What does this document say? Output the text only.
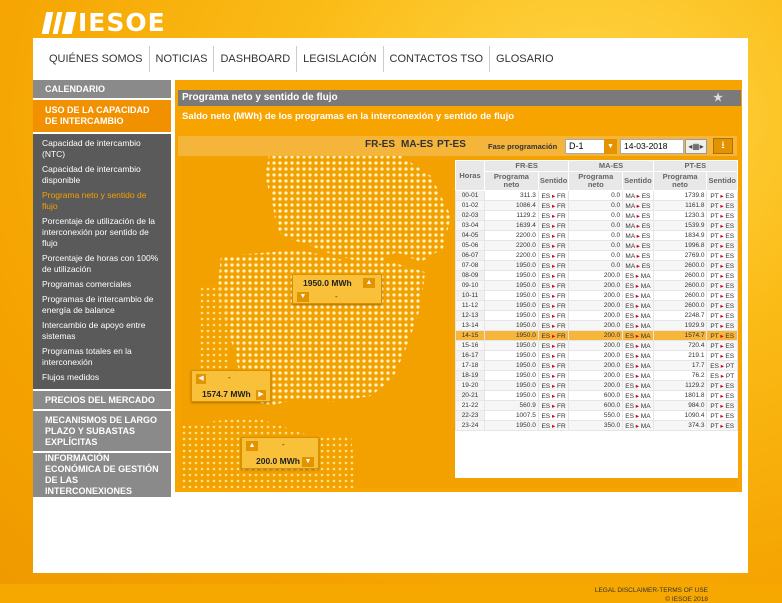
IESOE
QUIÉNES SOMOS	NOTICIAS	DASHBOARD	LEGISLACIÓN	CONTACTOS TSO	GLOSARIO
CALENDARIO
USO DE LA CAPACIDAD DE INTERCAMBIO
Capacidad de intercambio (NTC)
Capacidad de intercambio disponible
Programa neto y sentido de flujo
Porcentaje de utilización de la interconexión por sentido de flujo
Porcentaje de horas con 100% de utilización
Programas comerciales
Programas de intercambio de energía de balance
Intercambio de apoyo entre sistemas
Programas totales en la interconexión
Flujos medidos
PRECIOS DEL MERCADO
MECANISMOS DE LARGO PLAZO Y SUBASTAS EXPLÍCITAS
INFORMACIÓN ECONÓMICA DE GESTIÓN DE LAS INTERCONEXIONES
Programa neto y sentido de flujo	★
Saldo neto (MWh) de los programas en la interconexión y sentido de flujo
FR-ES MA-ES PT-ES	Fase programación	D-1	▼	14-03-2018	◂▦▸	⭳
1950.0 MWh	▲
▼	-
◀	-
1574.7 MWh	▶
▲	-
200.0 MWh ▼
LEGAL DISCLAIMER-TERMS OF USE
© IESOE 2018
Horas	FR-ES		MA-ES		PT-ES	
	Programa neto	Sentido	Programa neto	Sentido	Programa neto	Sentido
00-01	311.3	ES ▸ FR	0.0	MA ▸ ES	1739.8	PT ▸ ES
01-02	1086.4	ES ▸ FR	0.0	MA ▸ ES	1161.8	PT ▸ ES
02-03	1129.2	ES ▸ FR	0.0	MA ▸ ES	1230.3	PT ▸ ES
03-04	1639.4	ES ▸ FR	0.0	MA ▸ ES	1539.9	PT ▸ ES
04-05	2200.0	ES ▸ FR	0.0	MA ▸ ES	1834.9	PT ▸ ES
05-06	2200.0	ES ▸ FR	0.0	MA ▸ ES	1996.8	PT ▸ ES
06-07	2200.0	ES ▸ FR	0.0	MA ▸ ES	2769.0	PT ▸ ES
07-08	1950.0	ES ▸ FR	0.0	MA ▸ ES	2600.0	PT ▸ ES
08-09	1950.0	ES ▸ FR	200.0	ES ▸ MA	2600.0	PT ▸ ES
09-10	1950.0	ES ▸ FR	200.0	ES ▸ MA	2600.0	PT ▸ ES
10-11	1950.0	ES ▸ FR	200.0	ES ▸ MA	2600.0	PT ▸ ES
11-12	1950.0	ES ▸ FR	200.0	ES ▸ MA	2600.0	PT ▸ ES
12-13	1950.0	ES ▸ FR	200.0	ES ▸ MA	2248.7	PT ▸ ES
13-14	1950.0	ES ▸ FR	200.0	ES ▸ MA	1929.9	PT ▸ ES
14-15	1950.0	ES ▸ FR	200.0	ES ▸ MA	1574.7	PT ▸ ES
15-16	1950.0	ES ▸ FR	200.0	ES ▸ MA	720.4	PT ▸ ES
16-17	1950.0	ES ▸ FR	200.0	ES ▸ MA	219.1	PT ▸ ES
17-18	1950.0	ES ▸ FR	200.0	ES ▸ MA	17.7	ES ▸ PT
18-19	1950.0	ES ▸ FR	200.0	ES ▸ MA	76.2	ES ▸ PT
19-20	1950.0	ES ▸ FR	200.0	ES ▸ MA	1129.2	PT ▸ ES
20-21	1950.0	ES ▸ FR	600.0	ES ▸ MA	1801.8	PT ▸ ES
21-22	560.9	ES ▸ FR	600.0	ES ▸ MA	984.0	PT ▸ ES
22-23	1007.5	ES ▸ FR	550.0	ES ▸ MA	1090.4	PT ▸ ES
23-24	1950.0	ES ▸ FR	350.0	ES ▸ MA	374.3	PT ▸ ES
